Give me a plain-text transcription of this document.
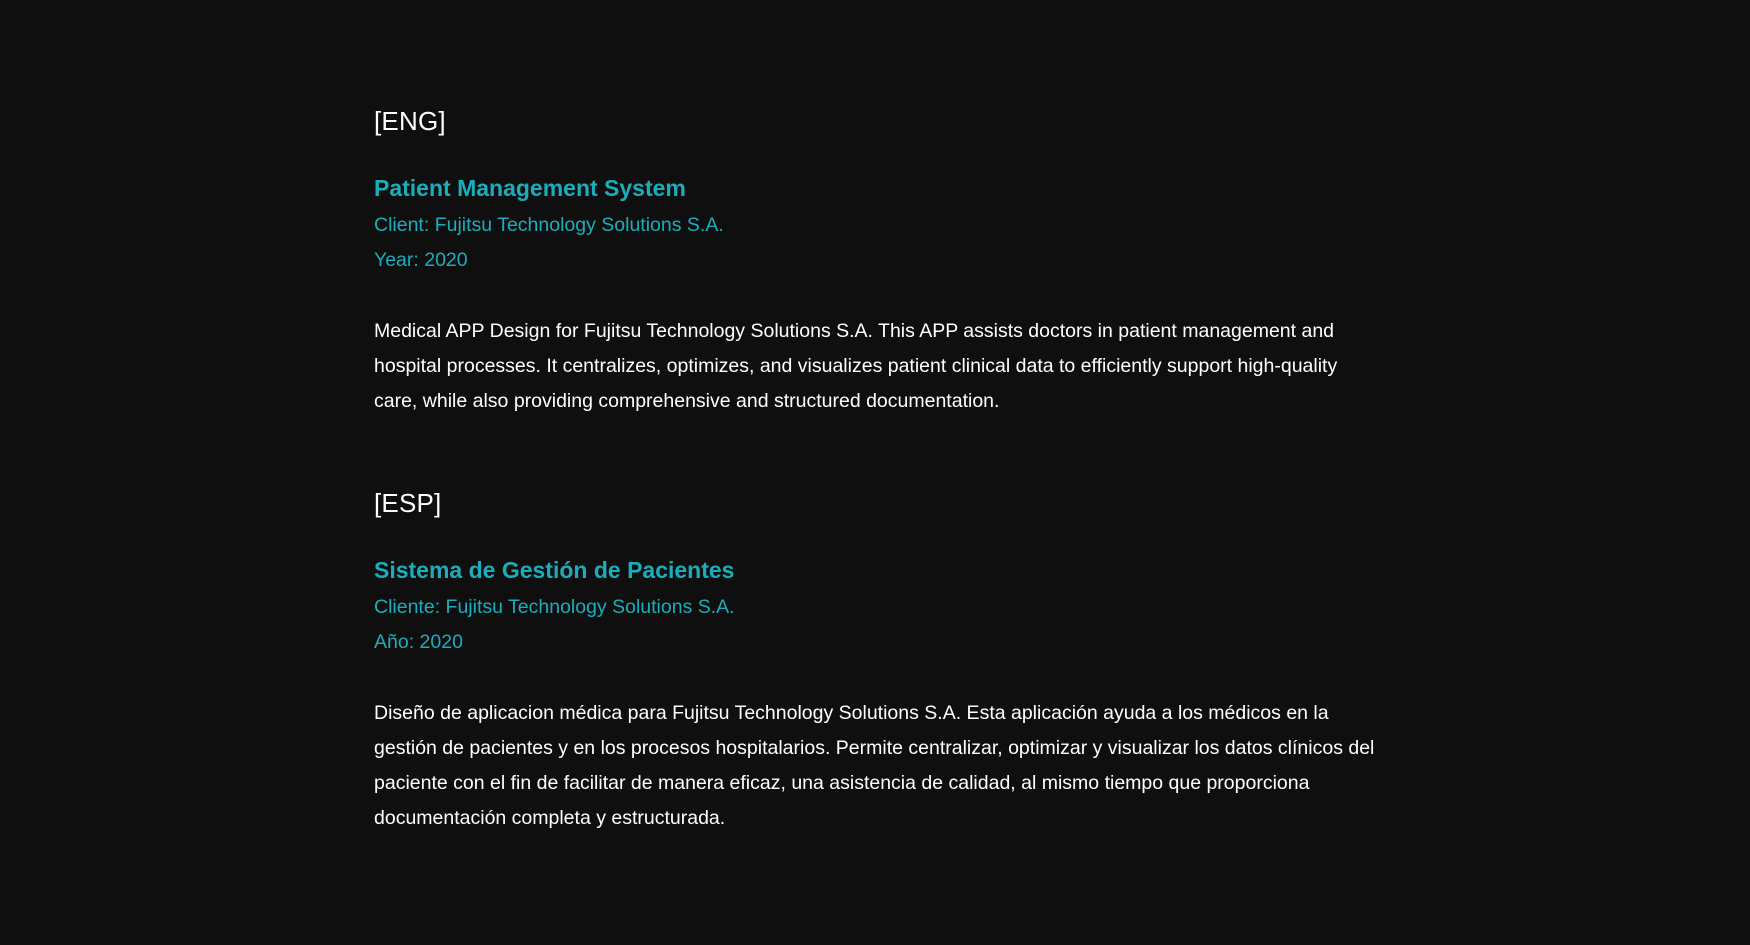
[ENG]
Patient Management System
Client: Fujitsu Technology Solutions S.A.
Year: 2020

Medical APP Design for Fujitsu Technology Solutions S.A. This APP assists doctors in patient management and hospital processes. It centralizes, optimizes, and visualizes patient clinical data to efficiently support high-quality care, while also providing comprehensive and structured documentation.

[ESP]
Sistema de Gestión de Pacientes
Cliente: Fujitsu Technology Solutions S.A.
Año: 2020

Diseño de aplicacion médica para Fujitsu Technology Solutions S.A. Esta aplicación ayuda a los médicos en la gestión de pacientes y en los procesos hospitalarios. Permite centralizar, optimizar y visualizar los datos clínicos del paciente con el fin de facilitar de manera eficaz, una asistencia de calidad, al mismo tiempo que proporciona documentación completa y estructurada.
